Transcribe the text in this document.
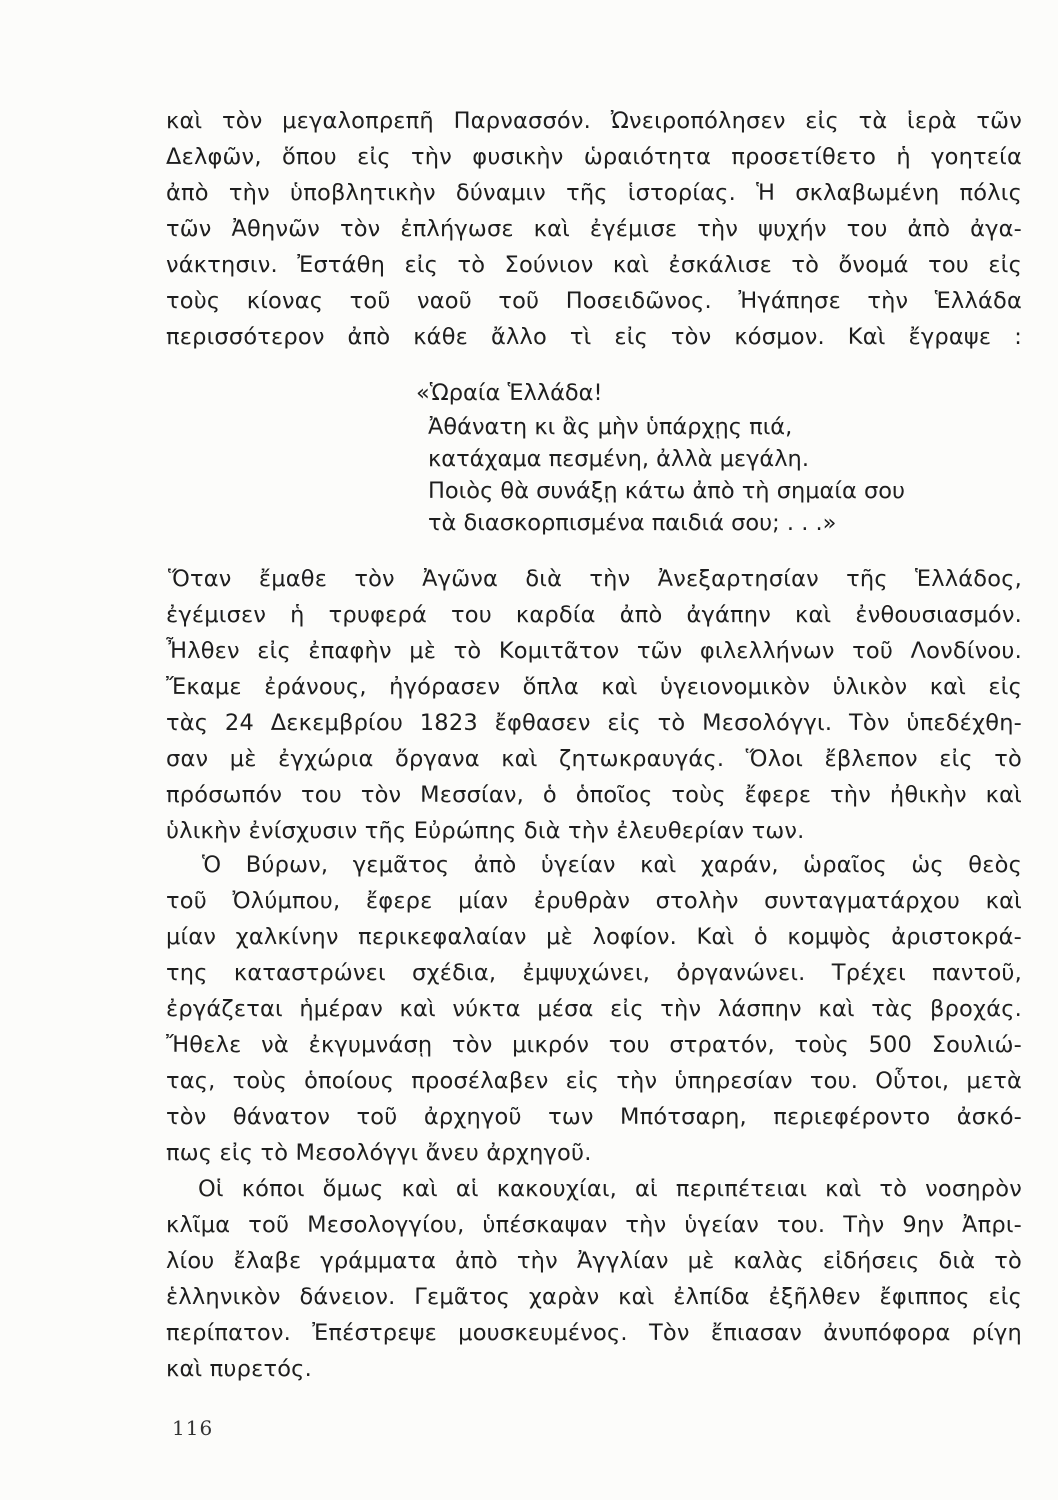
καὶ τὸν μεγαλοπρεπῆ Παρνασσόν. Ὠνειροπόλησεν εἰς τὰ ἱερὰ τῶν
Δελφῶν, ὅπου εἰς τὴν φυσικὴν ὡραιότητα προσετίθετο ἡ γοητεία
ἀπὸ τὴν ὑποβλητικὴν δύναμιν τῆς ἱστορίας. Ἡ σκλαβωμένη πόλις
τῶν Ἀθηνῶν τὸν ἐπλήγωσε καὶ ἐγέμισε τὴν ψυχήν του ἀπὸ ἀγα-
νάκτησιν. Ἐστάθη εἰς τὸ Σούνιον καὶ ἐσκάλισε τὸ ὄνομά του εἰς
τοὺς κίονας τοῦ ναοῦ τοῦ Ποσειδῶνος. Ἠγάπησε τὴν Ἑλλάδα
περισσότερον ἀπὸ κάθε ἄλλο τὶ εἰς τὸν κόσμον. Καὶ ἔγραψε :
«Ὡραία Ἑλλάδα!
Ἀθάνατη κι ἂς μὴν ὑπάρχῃς πιά,
κατάχαμα πεσμένη, ἀλλὰ μεγάλη.
Ποιὸς θὰ συνάξῃ κάτω ἀπὸ τὴ σημαία σου
τὰ διασκορπισμένα παιδιά σου; . . .»
Ὅταν ἔμαθε τὸν Ἀγῶνα διὰ τὴν Ἀνεξαρτησίαν τῆς Ἑλλάδος,
ἐγέμισεν ἡ τρυφερά του καρδία ἀπὸ ἀγάπην καὶ ἐνθουσιασμόν.
Ἦλθεν εἰς ἐπαφὴν μὲ τὸ Κομιτᾶτον τῶν φιλελλήνων τοῦ Λονδίνου.
Ἔκαμε ἐράνους, ἠγόρασεν ὅπλα καὶ ὑγειονομικὸν ὑλικὸν καὶ εἰς
τὰς 24 Δεκεμβρίου 1823 ἔφθασεν εἰς τὸ Μεσολόγγι. Τὸν ὑπεδέχθη-
σαν μὲ ἐγχώρια ὄργανα καὶ ζητωκραυγάς. Ὅλοι ἔβλεπον εἰς τὸ
πρόσωπόν του τὸν Μεσσίαν, ὁ ὁποῖος τοὺς ἔφερε τὴν ἠθικὴν καὶ
ὑλικὴν ἐνίσχυσιν τῆς Εὐρώπης διὰ τὴν ἐλευθερίαν των.
Ὁ Βύρων, γεμᾶτος ἀπὸ ὑγείαν καὶ χαράν, ὡραῖος ὡς θεὸς
τοῦ Ὀλύμπου, ἔφερε μίαν ἐρυθρὰν στολὴν συνταγματάρχου καὶ
μίαν χαλκίνην περικεφαλαίαν μὲ λοφίον. Καὶ ὁ κομψὸς ἀριστοκρά-
της καταστρώνει σχέδια, ἐμψυχώνει, ὀργανώνει. Τρέχει παντοῦ,
ἐργάζεται ἡμέραν καὶ νύκτα μέσα εἰς τὴν λάσπην καὶ τὰς βροχάς.
Ἤθελε νὰ ἐκγυμνάσῃ τὸν μικρόν του στρατόν, τοὺς 500 Σουλιώ-
τας, τοὺς ὁποίους προσέλαβεν εἰς τὴν ὑπηρεσίαν του. Οὗτοι, μετὰ
τὸν θάνατον τοῦ ἀρχηγοῦ των Μπότσαρη, περιεφέροντο ἀσκό-
πως εἰς τὸ Μεσολόγγι ἄνευ ἀρχηγοῦ.
Οἱ κόποι ὅμως καὶ αἱ κακουχίαι, αἱ περιπέτειαι καὶ τὸ νοσηρὸν
κλῖμα τοῦ Μεσολογγίου, ὑπέσκαψαν τὴν ὑγείαν του. Τὴν 9ην Ἀπρι-
λίου ἔλαβε γράμματα ἀπὸ τὴν Ἀγγλίαν μὲ καλὰς εἰδήσεις διὰ τὸ
ἑλληνικὸν δάνειον. Γεμᾶτος χαρὰν καὶ ἐλπίδα ἐξῆλθεν ἔφιππος εἰς
περίπατον. Ἐπέστρεψε μουσκευμένος. Τὸν ἔπιασαν ἀνυπόφορα ρίγη
καὶ πυρετός.
116
